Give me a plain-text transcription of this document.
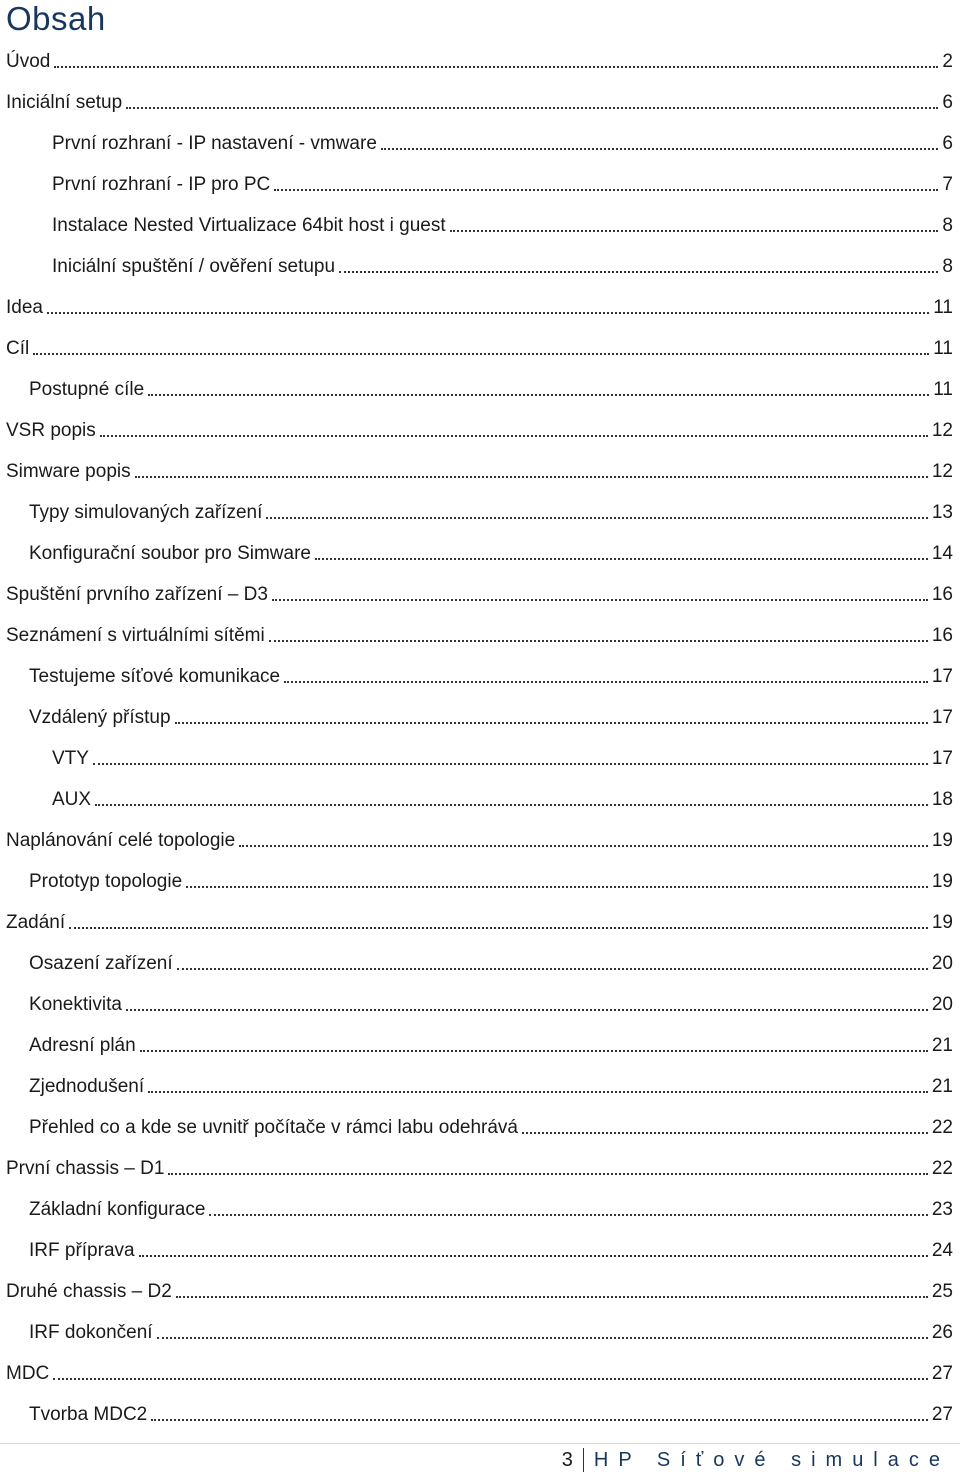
Obsah
Úvod	2
Iniciální setup	6
První rozhraní - IP nastavení - vmware	6
První rozhraní - IP pro PC	7
Instalace Nested Virtualizace 64bit host i guest	8
Iniciální spuštění / ověření setupu	8
Idea	11
Cíl	11
Postupné cíle	11
VSR popis	12
Simware popis	12
Typy simulovaných zařízení	13
Konfigurační soubor pro Simware	14
Spuštění prvního zařízení – D3	16
Seznámení s virtuálními sítěmi	16
Testujeme síťové komunikace	17
Vzdálený přístup	17
VTY	17
AUX	18
Naplánování celé topologie	19
Prototyp topologie	19
Zadání	19
Osazení zařízení	20
Konektivita	20
Adresní plán	21
Zjednodušení	21
Přehled co a kde se uvnitř počítače v rámci labu odehrává	22
První chassis – D1	22
Základní konfigurace	23
IRF příprava	24
Druhé chassis – D2	25
IRF dokončení	26
MDC	27
Tvorba MDC2	27
3	HP Síťové simulace
